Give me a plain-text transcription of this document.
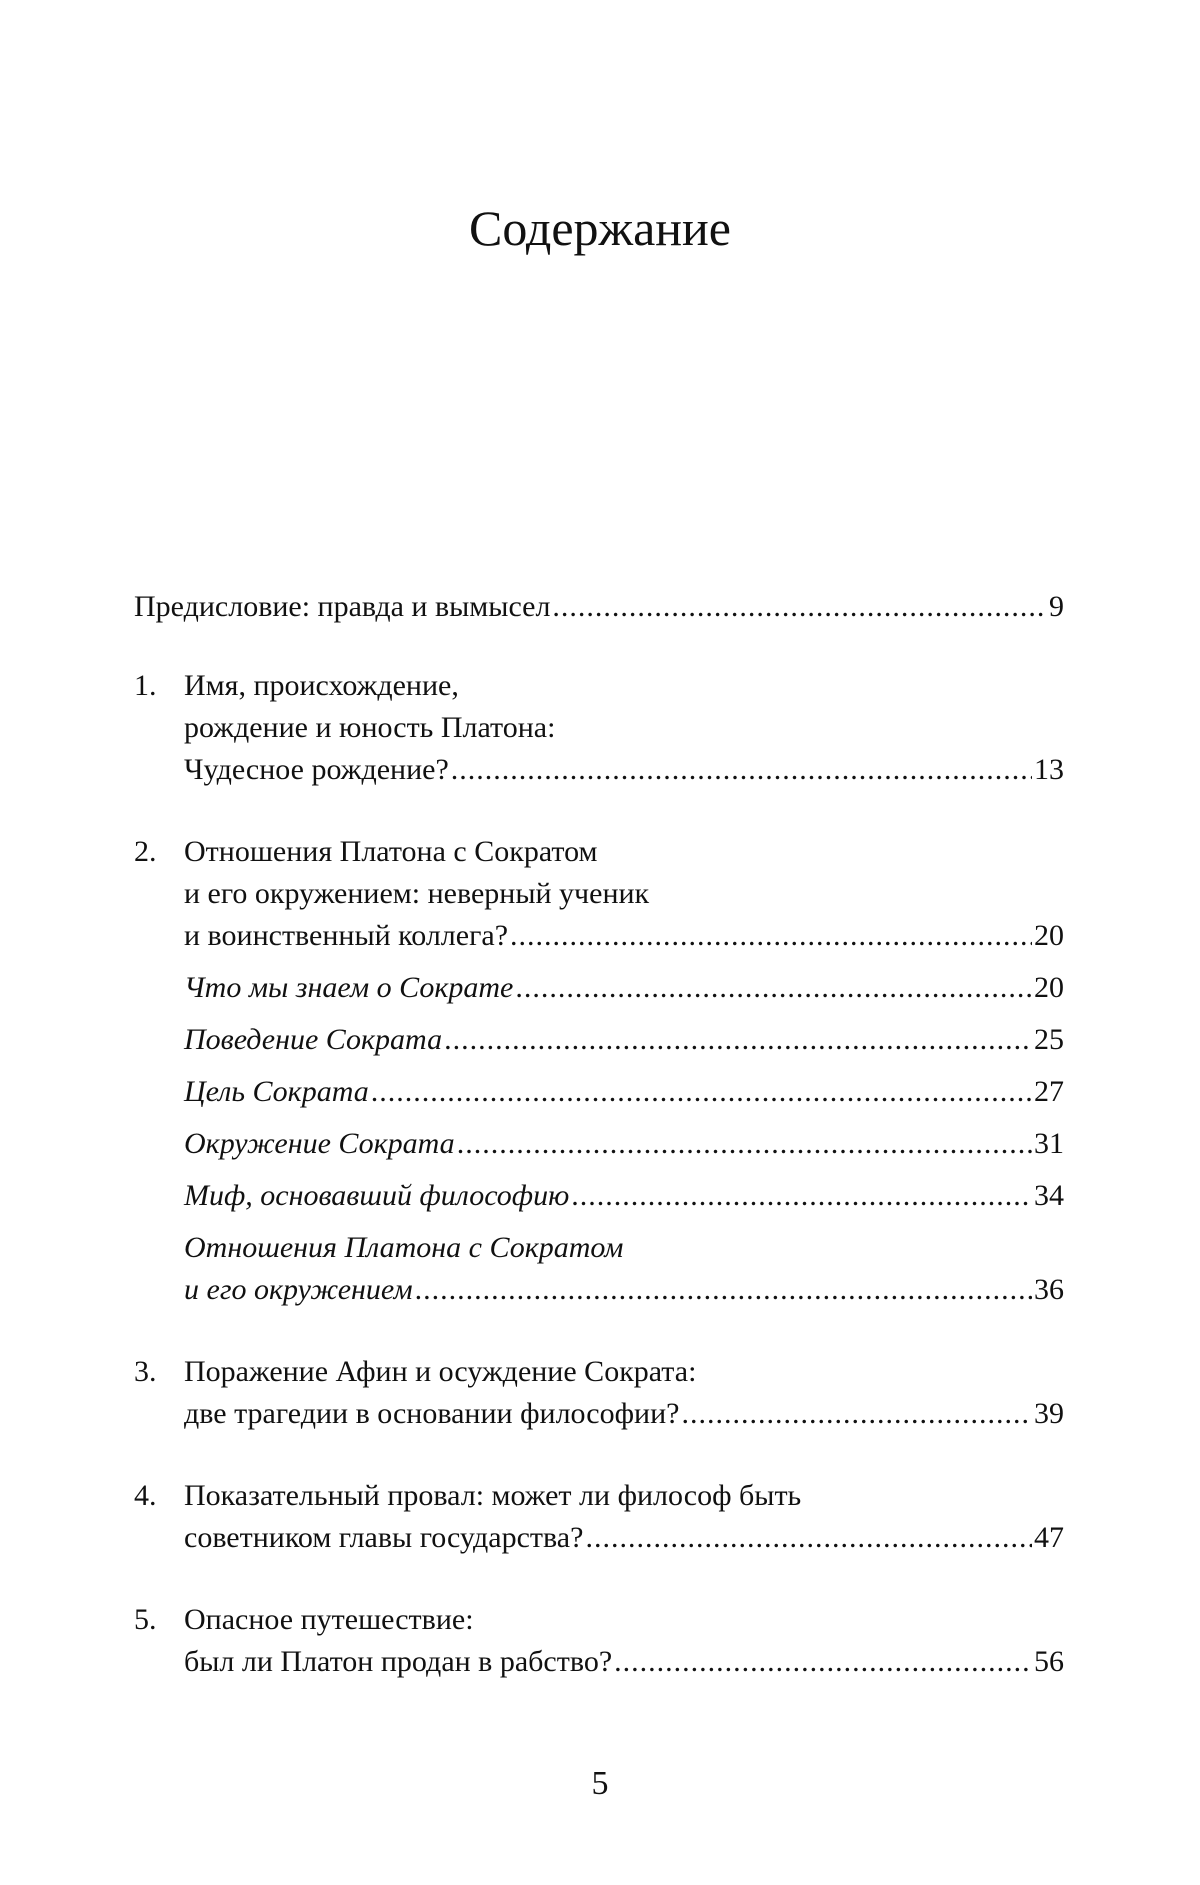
Содержание
Предисловие: правда и вымысел .....	9
1. Имя, происхождение,
рождение и юность Платона:
Чудесное рождение? .....	13
2. Отношения Платона с Сократом
и его окружением: неверный ученик
и воинственный коллега? .....	20
Что мы знаем о Сократе .....	20
Поведение Сократа .....	25
Цель Сократа .....	27
Окружение Сократа .....	31
Миф, основавший философию .....	34
Отношения Платона с Сократом
и его окружением .....	36
3. Поражение Афин и осуждение Сократа:
две трагедии в основании философии? .....	39
4. Показательный провал: может ли философ быть
советником главы государства? .....	47
5. Опасное путешествие:
был ли Платон продан в рабство? .....	56
5
